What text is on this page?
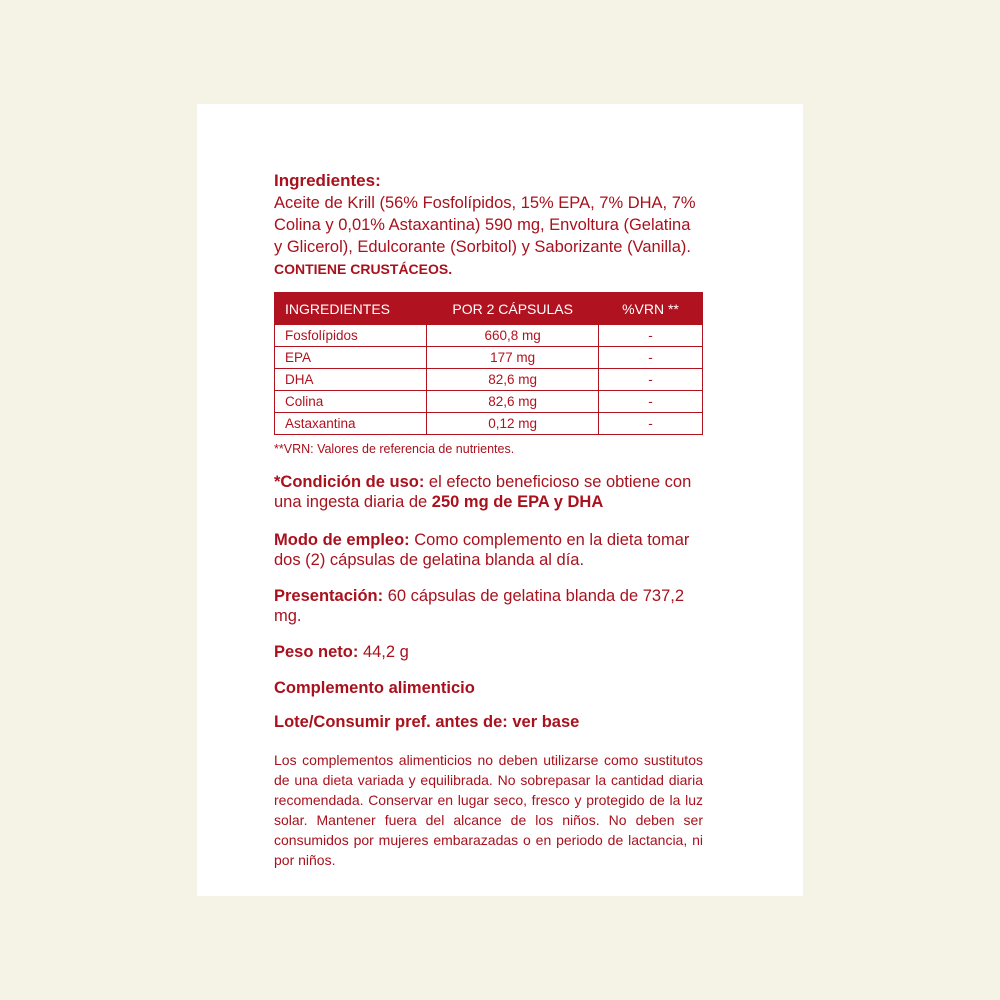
Ingredientes:

Aceite de Krill (56% Fosfolípidos, 15% EPA, 7% DHA, 7% Colina y 0,01% Astaxantina) 590 mg, Envoltura (Gelatina y Glicerol), Edulcorante (Sorbitol) y Saborizante (Vanilla).

CONTIENE CRUSTÁCEOS.

INGREDIENTES	POR 2 CÁPSULAS	%VRN **
Fosfolípidos	660,8 mg	-
EPA	177 mg	-
DHA	82,6 mg	-
Colina	82,6 mg	-
Astaxantina	0,12 mg	-

**VRN: Valores de referencia de nutrientes.

*Condición de uso: el efecto beneficioso se obtiene con una ingesta diaria de 250 mg de EPA y DHA

Modo de empleo: Como complemento en la dieta tomar dos (2) cápsulas de gelatina blanda al día.

Presentación: 60 cápsulas de gelatina blanda de 737,2 mg.

Peso neto: 44,2 g

Complemento alimenticio

Lote/Consumir pref. antes de: ver base

Los complementos alimenticios no deben utilizarse como sustitutos de una dieta variada y equilibrada. No sobrepasar la cantidad diaria recomendada. Conservar en lugar seco, fresco y protegido de la luz solar. Mantener fuera del alcance de los niños. No deben ser consumidos por mujeres embarazadas o en periodo de lactancia, ni por niños.
